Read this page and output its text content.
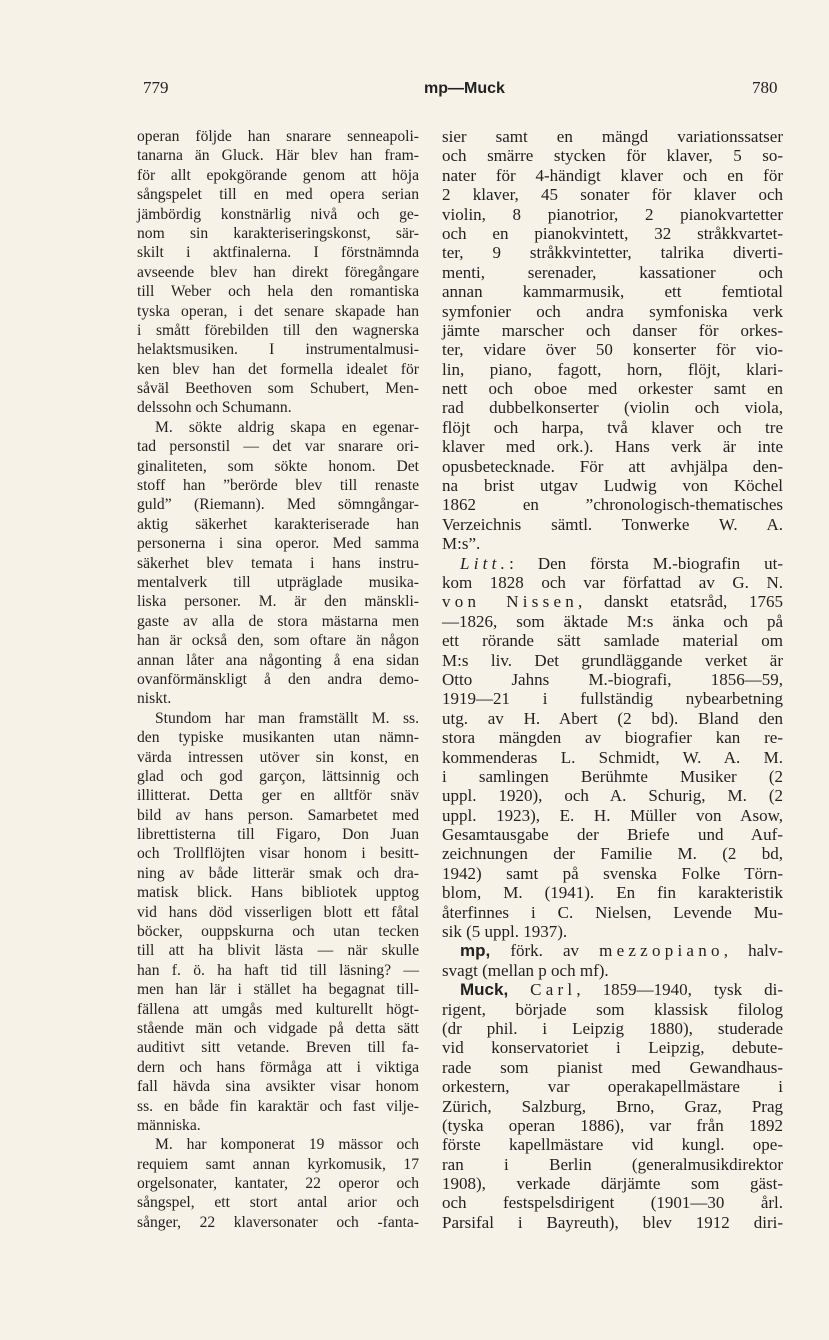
779	mp—Muck	780
operan följde han snarare senneapoli-
tanarna än Gluck. Här blev han fram-
för allt epokgörande genom att höja
sångspelet till en med opera serian
jämbördig konstnärlig nivå och ge-
nom sin karakteriseringskonst, sär-
skilt i aktfinalerna. I förstnämnda
avseende blev han direkt föregångare
till Weber och hela den romantiska
tyska operan, i det senare skapade han
i smått förebilden till den wagnerska
helaktsmusiken. I instrumentalmusi-
ken blev han det formella idealet för
såväl Beethoven som Schubert, Men-
delssohn och Schumann.
M. sökte aldrig skapa en egenar-
tad personstil — det var snarare ori-
ginaliteten, som sökte honom. Det
stoff han ”berörde blev till renaste
guld” (Riemann). Med sömngångar-
aktig säkerhet karakteriserade han
personerna i sina operor. Med samma
säkerhet blev temata i hans instru-
mentalverk till utpräglade musika-
liska personer. M. är den mänskli-
gaste av alla de stora mästarna men
han är också den, som oftare än någon
annan låter ana någonting å ena sidan
ovanförmänskligt å den andra demo-
niskt.
Stundom har man framställt M. ss.
den typiske musikanten utan nämn-
värda intressen utöver sin konst, en
glad och god garçon, lättsinnig och
illitterat. Detta ger en alltför snäv
bild av hans person. Samarbetet med
librettisterna till Figaro, Don Juan
och Trollflöjten visar honom i besitt-
ning av både litterär smak och dra-
matisk blick. Hans bibliotek upptog
vid hans död visserligen blott ett fåtal
böcker, ouppskurna och utan tecken
till att ha blivit lästa — när skulle
han f. ö. ha haft tid till läsning? —
men han lär i stället ha begagnat till-
fällena att umgås med kulturellt högt-
stående män och vidgade på detta sätt
auditivt sitt vetande. Breven till fa-
dern och hans förmåga att i viktiga
fall hävda sina avsikter visar honom
ss. en både fin karaktär och fast vilje-
människa.
M. har komponerat 19 mässor och
requiem samt annan kyrkomusik, 17
orgelsonater, kantater, 22 operor och
sångspel, ett stort antal arior och
sånger, 22 klaversonater och -fanta-
sier samt en mängd variationssatser
och smärre stycken för klaver, 5 so-
nater för 4-händigt klaver och en för
2 klaver, 45 sonater för klaver och
violin, 8 pianotrior, 2 pianokvartetter
och en pianokvintett, 32 stråkkvartet-
ter, 9 stråkkvintetter, talrika diverti-
menti, serenader, kassationer och
annan kammarmusik, ett femtiotal
symfonier och andra symfoniska verk
jämte marscher och danser för orkes-
ter, vidare över 50 konserter för vio-
lin, piano, fagott, horn, flöjt, klari-
nett och oboe med orkester samt en
rad dubbelkonserter (violin och viola,
flöjt och harpa, två klaver och tre
klaver med ork.). Hans verk är inte
opusbetecknade. För att avhjälpa den-
na brist utgav Ludwig von Köchel
1862 en ”chronologisch-thematisches
Verzeichnis sämtl. Tonwerke W. A.
M:s”.
Litt.: Den första M.-biografin ut-
kom 1828 och var författad av G. N.
von Nissen, danskt etatsråd, 1765
—1826, som äktade M:s änka och på
ett rörande sätt samlade material om
M:s liv. Det grundläggande verket är
Otto Jahns M.-biografi, 1856—59,
1919—21 i fullständig nybearbetning
utg. av H. Abert (2 bd). Bland den
stora mängden av biografier kan re-
kommenderas L. Schmidt, W. A. M.
i samlingen Berühmte Musiker (2
uppl. 1920), och A. Schurig, M. (2
uppl. 1923), E. H. Müller von Asow,
Gesamtausgabe der Briefe und Auf-
zeichnungen der Familie M. (2 bd,
1942) samt på svenska Folke Törn-
blom, M. (1941). En fin karakteristik
återfinnes i C. Nielsen, Levende Mu-
sik (5 uppl. 1937).
mp, förk. av mezzopiano, halv-
svagt (mellan p och mf).
Muck, Carl, 1859—1940, tysk di-
rigent, började som klassisk filolog
(dr phil. i Leipzig 1880), studerade
vid konservatoriet i Leipzig, debute-
rade som pianist med Gewandhaus-
orkestern, var operakapellmästare i
Zürich, Salzburg, Brno, Graz, Prag
(tyska operan 1886), var från 1892
förste kapellmästare vid kungl. ope-
ran i Berlin (generalmusikdirektor
1908), verkade därjämte som gäst-
och festspelsdirigent (1901—30 årl.
Parsifal i Bayreuth), blev 1912 diri-
